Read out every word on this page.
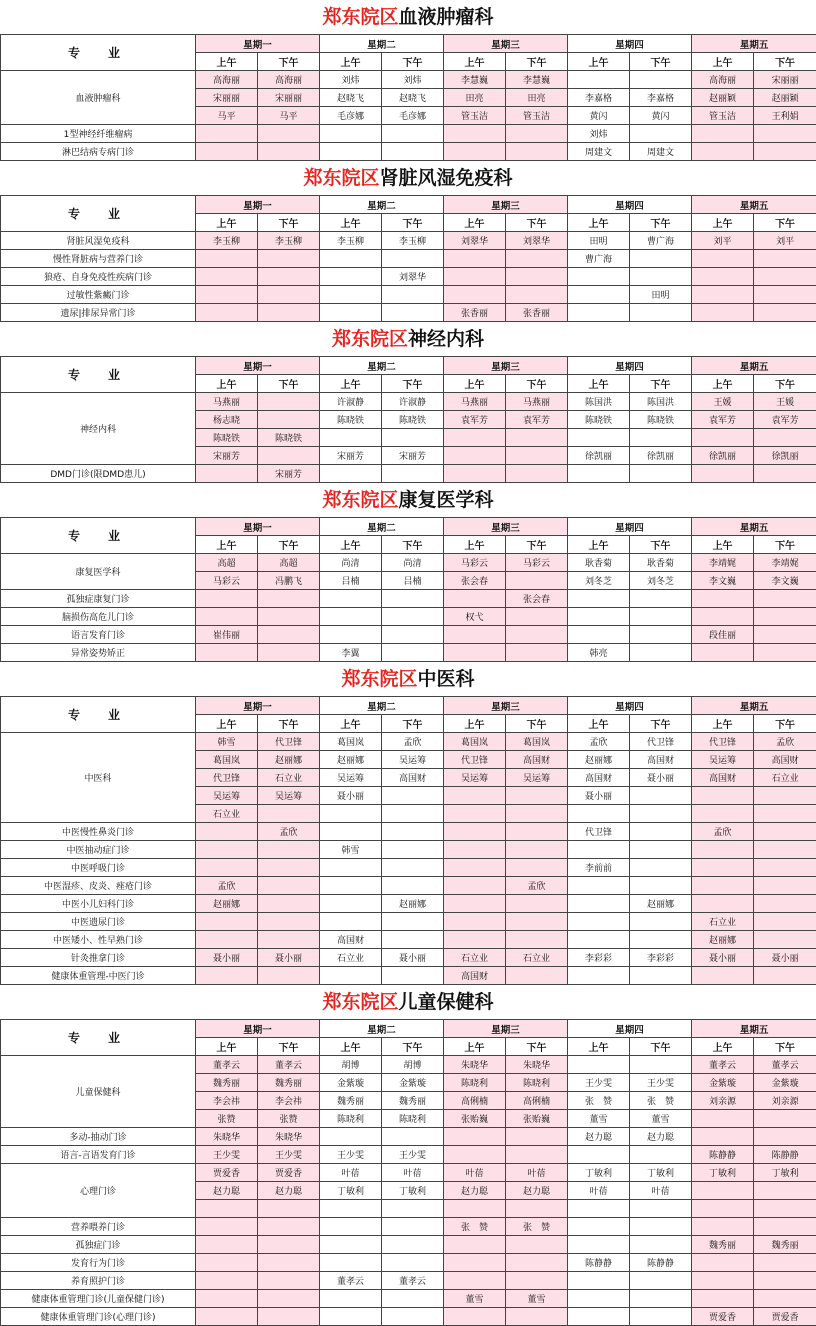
郑东院区血液肿瘤科
专　业	星期一		星期二		星期三		星期四		星期五	
	上午	下午	上午	下午	上午	下午	上午	下午	上午	下午
血液肿瘤科	高海丽	高海丽	刘炜	刘炜	李慧巍	李慧巍			高海丽	宋丽丽
	宋丽丽	宋丽丽	赵晓飞	赵晓飞	田亮	田亮	李嘉格	李嘉格	赵丽颖	赵丽颖
	马平	马平	毛彦娜	毛彦娜	管玉洁	管玉洁	黄闪	黄闪	管玉洁	王利娟
1型神经纤维瘤病							刘炜			
淋巴结病专病门诊							周建文	周建文		
郑东院区肾脏风湿免疫科
专　业	星期一		星期二		星期三		星期四		星期五	
	上午	下午	上午	下午	上午	下午	上午	下午	上午	下午
肾脏风湿免疫科	李玉柳	李玉柳	李玉柳	李玉柳	刘翠华	刘翠华	田明	曹广海	刘平	刘平
慢性肾脏病与营养门诊							曹广海			
狼疮、自身免疫性疾病门诊				刘翠华						
过敏性紫癜门诊								田明		
遗尿|排尿异常门诊					张香丽	张香丽				
郑东院区神经内科
专　业	星期一		星期二		星期三		星期四		星期五	
	上午	下午	上午	下午	上午	下午	上午	下午	上午	下午
神经内科	马燕丽		许淑静	许淑静	马燕丽	马燕丽	陈国洪	陈国洪	王媛	王媛
	杨志晓		陈晓铁	陈晓铁	袁军芳	袁军芳	陈晓铁	陈晓铁	袁军芳	袁军芳
	陈晓铁	陈晓铁								
	宋丽芳		宋丽芳	宋丽芳			徐凯丽	徐凯丽	徐凯丽	徐凯丽
DMD门诊(限DMD患儿)		宋丽芳								
郑东院区康复医学科
专　业	星期一		星期二		星期三		星期四		星期五	
	上午	下午	上午	下午	上午	下午	上午	下午	上午	下午
康复医学科	高超	高超	尚清	尚清	马彩云	马彩云	耿香菊	耿香菊	李靖娓	李靖娓
	马彩云	冯鹏飞	吕楠	吕楠	张会春		刘冬芝	刘冬芝	李文巍	李文巍
孤独症康复门诊						张会春				
脑损伤高危儿门诊					权弋					
语言发育门诊	崔伟丽								段佳丽	
异常姿势矫正			李翼				韩亮			
郑东院区中医科
专　业	星期一		星期二		星期三		星期四		星期五	
	上午	下午	上午	下午	上午	下午	上午	下午	上午	下午
中医科	韩雪	代卫锋	葛国岚	孟欣	葛国岚	葛国岚	孟欣	代卫锋	代卫锋	孟欣
	葛国岚	赵丽娜	赵丽娜	吴运筹	代卫锋	高国财	赵丽娜	高国财	吴运筹	高国财
	代卫锋	石立业	吴运筹	高国财	吴运筹	吴运筹	高国财	聂小丽	高国财	石立业
	吴运筹	吴运筹	聂小丽				聂小丽			
	石立业									
中医慢性鼻炎门诊		孟欣					代卫锋		孟欣	
中医抽动症门诊			韩雪							
中医呼吸门诊							李前前			
中医湿疹、皮炎、痤疮门诊	孟欣					孟欣				
中医小儿妇科门诊	赵丽娜			赵丽娜				赵丽娜		
中医遗尿门诊									石立业	
中医矮小、性早熟门诊			高国财						赵丽娜	
针灸推拿门诊	聂小丽	聂小丽	石立业	聂小丽	石立业	石立业	李彩彩	李彩彩	聂小丽	聂小丽
健康体重管理-中医门诊					高国财					
郑东院区儿童保健科
专　业	星期一		星期二		星期三		星期四		星期五	
	上午	下午	上午	下午	上午	下午	上午	下午	上午	下午
儿童保健科	董孝云	董孝云	胡博	胡博	朱晓华	朱晓华			董孝云	董孝云
	魏秀丽	魏秀丽	金紫璇	金紫璇	陈晓利	陈晓利	王少雯	王少雯	金紫璇	金紫璇
	李会祎	李会祎	魏秀丽	魏秀丽	高俐楠	高俐楠	张　赞	张　赞	刘亲源	刘亲源
	张赞	张赞	陈晓利	陈晓利	张贻巍	张贻巍	董雪	董雪		
多动-抽动门诊	朱晓华	朱晓华					赵力聪	赵力聪		
语言-言语发育门诊	王少雯	王少雯	王少雯	王少雯					陈静静	陈静静
心理门诊	贾爱香	贾爱香	叶蓓	叶蓓	叶蓓	叶蓓	丁敏利	丁敏利	丁敏利	丁敏利
	赵力聪	赵力聪	丁敏利	丁敏利	赵力聪	赵力聪	叶蓓	叶蓓		

营养喂养门诊					张　赞	张　赞				
孤独症门诊									魏秀丽	魏秀丽
发育行为门诊							陈静静	陈静静		
养育照护门诊			董孝云	董孝云						
健康体重管理门诊(儿童保健门诊)					董雪	董雪				
健康体重管理门诊(心理门诊)									贾爱香	贾爱香
